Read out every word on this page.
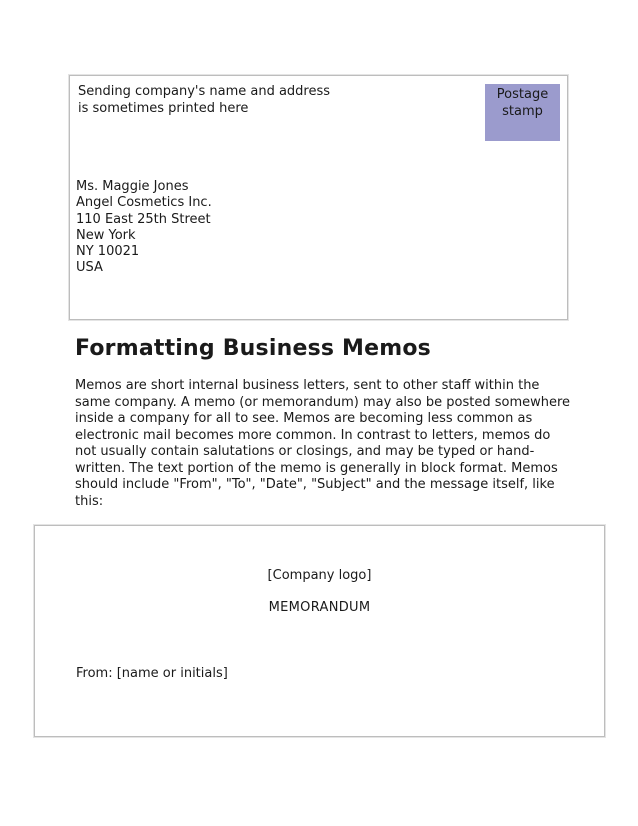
Sending company's name and address
is sometimes printed here
Postage
stamp
Ms. Maggie Jones
Angel Cosmetics Inc.
110 East 25th Street
New York
NY 10021
USA
Formatting Business Memos

Memos are short internal business letters, sent to other staff within the same company. A memo (or memorandum) may also be posted somewhere inside a company for all to see. Memos are becoming less common as electronic mail becomes more common. In contrast to letters, memos do not usually contain salutations or closings, and may be typed or hand-written. The text portion of the memo is generally in block format. Memos should include "From", "To", "Date", "Subject" and the message itself, like this:

[Company logo]
MEMORANDUM
From: [name or initials]
